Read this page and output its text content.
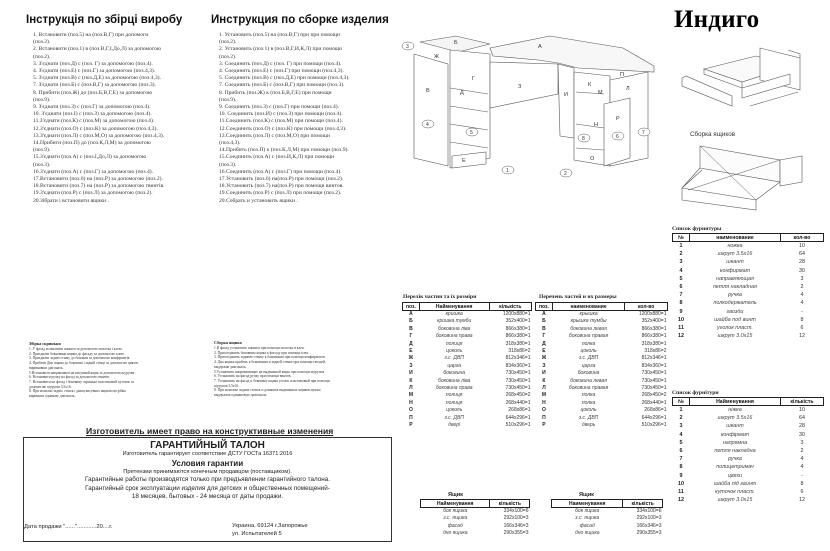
Інструкція по збірці виробу
1. Встановити (поз.5) на (поз.В,Г) при допомоги
(поз.2).
2. Встановити (поз.1) в (поз.В,Г,І,До,Л) за допомогою
(поз.2).
3. З'єднати (поз.Д) с (поз. Г) за допомогою (поз.4).
4. З'єднати (поз.Е) с (поз.Г) за допомогою (поз.4,3).
5. З'єднати (поз.В) с (поз.Д,Е) за допомогою (поз.4,3).
7. З'єднати (поз.Б) с (поз.В,Г) за допомогою (поз.3).
8. Прибити (поз.Ж) до (поз.Б,В,Г,Е) за допомогою
(поз.9).
9. З'єднати (поз.З) с (поз.Г) за допомогою (поз.4).
10. З'єднати (поз.І) с (поз.З) за допомогою (поз.4).
11.З'єднати (поз.К) с (поз.М) за допомогою (поз.4).
12.З'єднати (поз.О) с (поз.К) за допомогою (поз.4,3).
13.З'єднати (поз.Л) с (поз.М,О) за допомогою (поз.4,3).
14.Прибити (поз.П) до (поз.К,Л,М) за допомогою
(поз.9).
15.З'єднати (поз.А) с (поз.І,До,Л) за допомогою
(поз.3).
16.З'єднати (поз.А) с (поз.Г) за допомогою (поз.4).
17.Встановити (поз.6) на (поз.Р) за допомогою (поз.2).
18.Встановити (поз.7) на (поз.Р) за допомогою гвинтів.
19.З'єднати (поз.Р) с (поз.Л) за допомогою (поз.2).
20.Зібрати і встановити ящики .
Инструкция по сборке изделия
1. Установить (поз.5) на (поз.В,Г) при при помощи
(поз.2).
2. Установить (поз.1) в (поз.В,Г,И,К,Л) при помощи
(поз.2).
3. Соединить (поз.Д) с (поз. Г) при помощи (поз.4).
4. Соединить (поз.Е) с (поз.Г) при помощи (поз.4,3).
5. Соединить (поз.В) с (поз.Д,Е) при помощи (поз.4,3).
7. Соединить (поз.Б) с (поз.В,Г) при помощи (поз.3).
8. Прибить (поз.Ж) к (поз.Б,В,Г,Е) при помощи
(поз.9).
9. Соединить (поз.З) с (поз.Г) при помощи (поз.4).
10. Соединить (поз.И) с (поз.З) при помощи (поз.4).
11.Соединить (поз.К) с (поз.М) при помощи (поз.4).
12.Соединить (поз.О) с (поз.К) при помощи (поз.4,3).
13.Соединить (поз.Л) с (поз.М,О) при помощи
(поз.4,3).
14.Прибить (поз.П) к (поз.К,Л,М) при помощи (поз.9).
15.Соединить (поз.А) с (поз.И,К,Л) при помощи
(поз.3).
16.Соединить (поз.А) с (поз.Г) при помощи (поз.4).
17.Установить (поз.6) на(поз.Р) при помощи (поз.2).
18.Установить (поз.7) на(поз.Р) при помощи винтов.
19.Соединить (поз.Р) с (поз.Л) при помощи (поз.2).
20.Собрать и установить ящики .
Индиго
А
Б
В
Г
Д
Е
Ж
З
И
К
Л
М
Н
О
П
Р
1	2
3
4
5
6
7
8
Сборка ящиков
Збірка скриньки
1. У фасад встановити шканти за допомогою молотка і клею.
2. Приєднати бокковини ящика до фасаду за допомогою клею.
3. Приєднати задню стінку до боковин за допомогою конфірматів.
4. Прибити Дно ящика до боковині і задній стінці за допомогою цвяхів,
вирівнявши діагональ.
5.Встановити направляючі на висувний ящик за допомогою шурупів .
6. Встановити ручку на фасад за допомогою гвинтів.
7. Встановити на фасад і боковину скринька пластиковий куточок за
допомогою шурупів 3,5х16.
8. При монтажі задніх стінок і днищ висувних ящиків потрібно
вирівняти однакову діагональ .
Сборка ящика
1.В фасад установить шканты при помощи молотка и клея.
2. Присоединить боковины ящика к фасаду при помощи клея.
3. Присоединить заднюю стенку к боковинам при помощи конфирматов.
4. Дно ящика прибить к боковинам и задней стенке при помощи гвоздей,
выдержав диагональ.
5.Установить направляющие на выдвижной ящик при помощи шурупов .
6. Установить на фасад ручку при помощи винтов.
7. Установить на фасад и боковину ящика уголок пластиковый при помощи
шурупов 3,5х16.
8. При монтаже задних стенок и донышек выдвижных ящиков нужно
выдержать одинаковую диагональ.
Перелік частин та їх розміри
поз.	Найменування	кількість
А	кришка	1200х880=1
Б	кришка тумби	352х400=1
В	боковина ліва	866х380=1
Г	боковина права	866х380=1
Д	полиця	318х380=1
Е	цоколь	318х86=2
Ж	з.с. ДВП	812х346=1
З	царга	834х360=1
И	боковина	730х450=1
К	боковина ліва	730х450=1
Л	боковина права	730х450=1
М	полиця	268х450=2
Н	полиця	268х440=1
О	цоколь	268х86=1
П	з.с. ДВП	644х296=1
Р	двері	510х296=1
Перечень частей и их размеры
поз.	наименование	кол-во
А	крышка	1200х880=1
Б	крышка тумбы	352х400=1
В	боковина левая	866х380=1
Г	боковина правая	866х380=1
Д	полка	318х380=1
Е	цоколь	318х86=2
Ж	з.с. ДВП	812х346=1
З	царга	834х360=1
И	боковина	730х450=1
К	боковина левая	730х450=1
Л	боковина правая	730х450=1
М	полка	268х450=2
Н	полка	268х440=1
О	цоколь	268х86=1
П	з.с. ДВП	644х296=1
Р	дверь	510х296=1
Ящик
Найменування	кількість
бок ящика	334х100=6
з.с. ящика	292х100=3
фасад	166х346=3
дно ящика	290х355=3
Ящик
Наименування	кількість
бок ящика	334х100=6
з.с. ящика	292х100=3
фасад	166х346=3
дно ящика	290х355=3
Список фурнитуры
№	наименование	кол-во
1	ножка	10
2	шкрут 3.5х16	64
3	шкант	28
4	конфирмат	30
5	направляющая	3
6	петля накладная	2
7	ручка	4
8	полкодержатель	4
9	гвозди	-
10	шайба под винт	8
11	уголок пласт.	6
12	шкрут 3.0х15	12
Список фурнітури
№	Найменування	кількість
1	ніжка	10
2	шкрут 3.5х16	64
3	шкант	28
4	конфірмат	30
5	напрямна	3
6	петля накладна	2
7	ручка	4
8	полицетримач	4
9	цвяхи	-
10	шайба під гвинт	8
11	куточок пласт.	6
12	шкрут 3.0х15	12
Изготовитель имеет право на конструктивные изменения
ГАРАНТИЙНЫЙ ТАЛОН
Изготовитель гарантирует соответствие ДСТУ ГОСТа 16371:2016
Условия гарантии
Претензии принимаются конечным продавцом (поставщиком).
Гарантийные работы производятся только при предъявлении гарантийного талона.
Гарантийный срок эксплуатации изделия для детских и общественных помещений-
18 месяцев, бытовых - 24 месяца от даты продажи.
Дата продажи "......"............20....г.	Украина, 69124 г.Запорожье
ул. Испытателей 5
